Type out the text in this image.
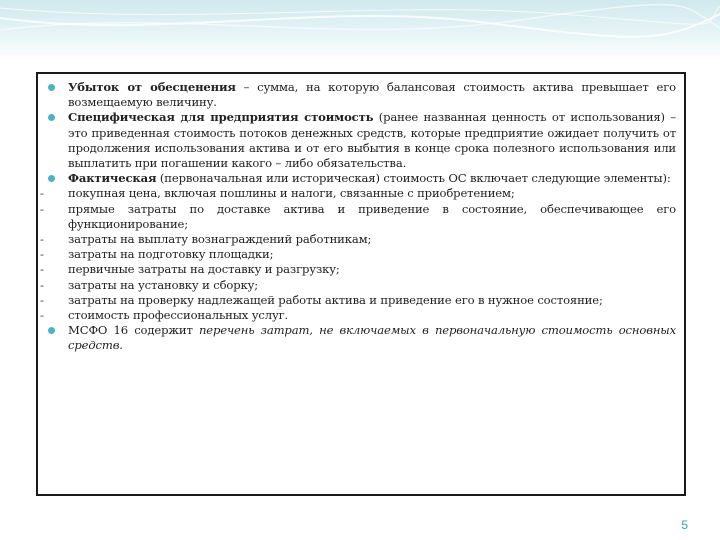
Убыток от обесценения – сумма, на которую балансовая стоимость актива превышает его возмещаемую величину.
Специфическая для предприятия стоимость (ранее названная ценность от использования) – это приведенная стоимость потоков денежных средств, которые предприятие ожидает получить от продолжения использования актива и от его выбытия в конце срока полезного использования или выплатить при погашении какого – либо обязательства.
Фактическая (первоначальная или историческая) стоимость ОС включает следующие элементы):
-	покупная цена, включая пошлины и налоги, связанные с приобретением;
-	прямые затраты по доставке актива и приведение в состояние, обеспечивающее его функционирование;
-	затраты на выплату вознаграждений работникам;
-	затраты на подготовку площадки;
-	первичные затраты на доставку и разгрузку;
-	затраты на установку и сборку;
-	затраты на проверку надлежащей работы актива и приведение его в нужное состояние;
-	стоимость профессиональных услуг.
МСФО 16 содержит перечень затрат, не включаемых в первоначальную стоимость основных средств.
5
